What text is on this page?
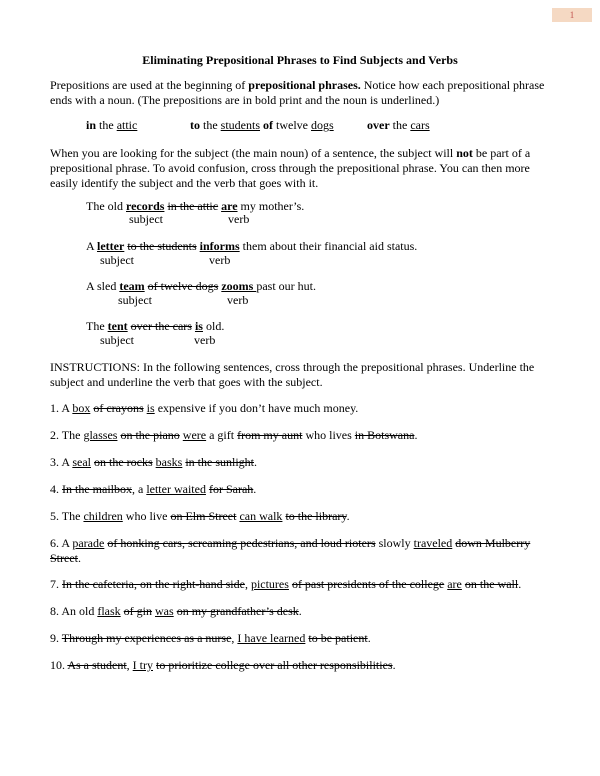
1
Eliminating Prepositional Phrases to Find Subjects and Verbs
Prepositions are used at the beginning of prepositional phrases. Notice how each prepositional phrase ends with a noun. (The prepositions are in bold print and the noun is underlined.)
in the attic	to the students of twelve dogs	over the cars
When you are looking for the subject (the main noun) of a sentence, the subject will not be part of a prepositional phrase. To avoid confusion, cross through the prepositional phrase. You can then more easily identify the subject and the verb that goes with it.
The old records in the attic are my mother’s.
subject	verb
A letter to the students informs them about their financial aid status.
subject	verb
A sled team of twelve dogs zooms past our hut.
subject	verb
The tent over the cars is old.
subject	verb
INSTRUCTIONS: In the following sentences, cross through the prepositional phrases. Underline the subject and underline the verb that goes with the subject.
1. A box of crayons is expensive if you don’t have much money.
2. The glasses on the piano were a gift from my aunt who lives in Botswana.
3. A seal on the rocks basks in the sunlight.
4. In the mailbox, a letter waited for Sarah.
5. The children who live on Elm Street can walk to the library.
6. A parade of honking cars, screaming pedestrians, and loud rioters slowly traveled down Mulberry
Street.
7. In the cafeteria, on the right-hand side, pictures of past presidents of the college are on the wall.
8. An old flask of gin was on my grandfather’s desk.
9. Through my experiences as a nurse, I have learned to be patient.
10. As a student, I try to prioritize college over all other responsibilities.
